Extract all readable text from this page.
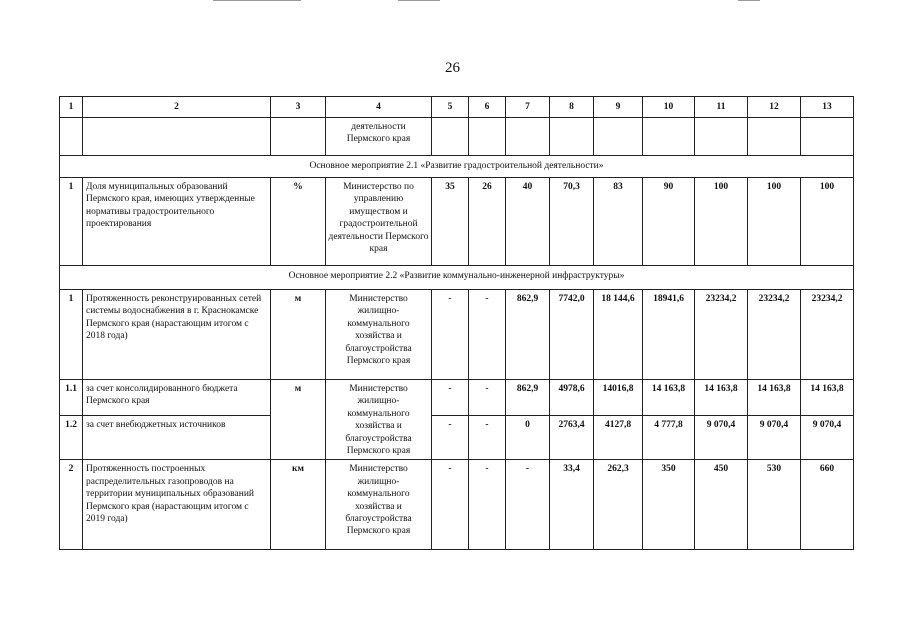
26
1	2	3	4	5	6	7	8	9	10	11	12	13
			деятельности Пермского края									
Основное мероприятие 2.1 «Развитие градостроительной деятельности»												
1	Доля муниципальных образований Пермского края, имеющих утвержденные нормативы градостроительного проектирования	%	Министерство по управлению имуществом и градостроительной деятельности Пермского края	35	26	40	70,3	83	90	100	100	100
Основное мероприятие 2.2 «Развитие коммунально-инженерной инфраструктуры»												
1	Протяженность реконструированных сетей системы водоснабжения в г. Краснокамске Пермского края (нарастающим итогом с 2018 года)	м	Министерство жилищно-коммунального хозяйства и благоустройства Пермского края	-	-	862,9	7742,0	18 144,6	18941,6	23234,2	23234,2	23234,2
1.1	за счет консолидированного бюджета Пермского края	м	Министерство жилищно-коммунального хозяйства и благоустройства Пермского края	-	-	862,9	4978,6	14016,8	14 163,8	14 163,8	14 163,8	14 163,8
1.2	за счет внебюджетных источников			-	-	0	2763,4	4127,8	4 777,8	9 070,4	9 070,4	9 070,4
2	Протяженность построенных распределительных газопроводов на территории муниципальных образований Пермского края (нарастающим итогом с 2019 года)	км	Министерство жилищно-коммунального хозяйства и благоустройства Пермского края	-	-	-	33,4	262,3	350	450	530	660
